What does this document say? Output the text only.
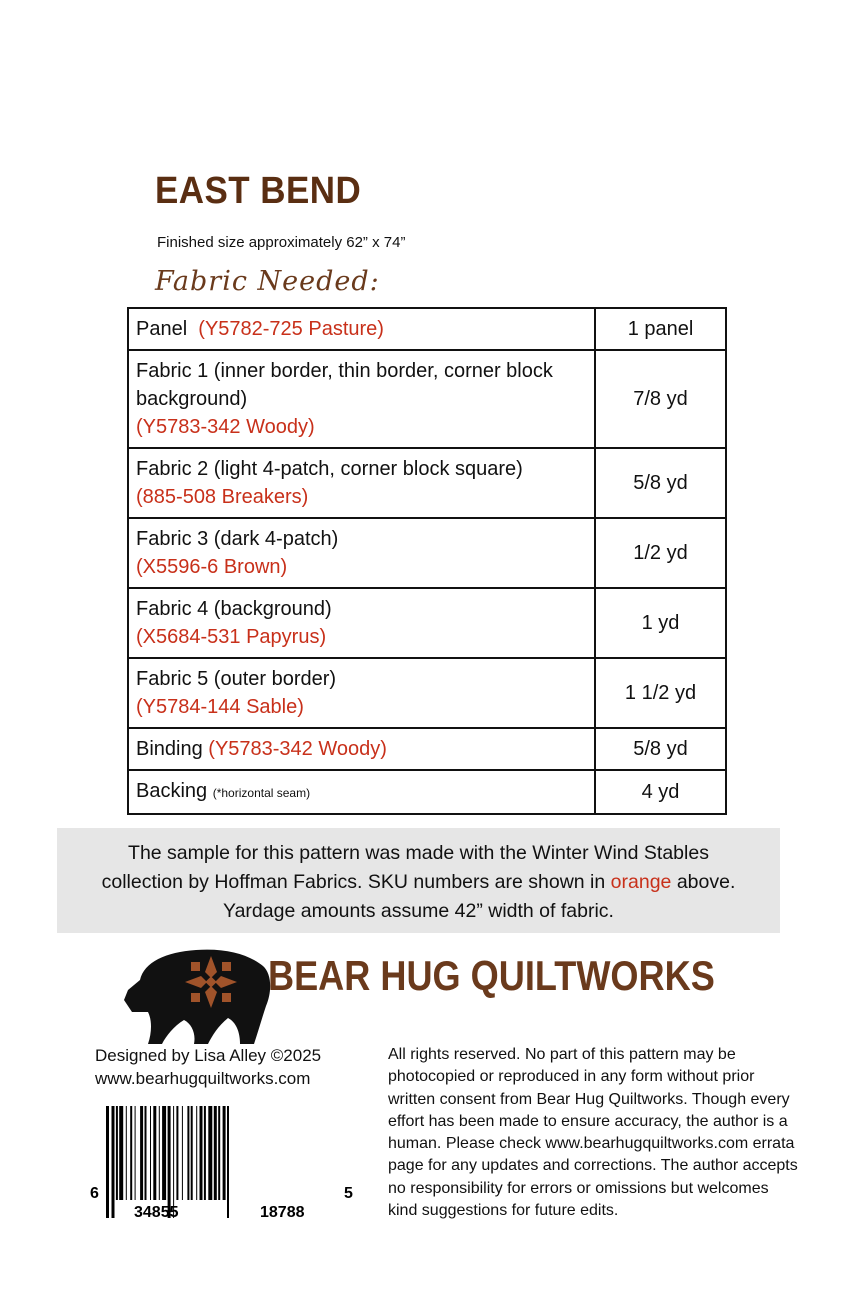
EAST BEND
Finished size approximately 62” x 74”
Fabric Needed:
Panel (Y5782-725 Pasture)	1 panel
Fabric 1 (inner border, thin border, corner block background)
(Y5783-342 Woody)	7/8 yd
Fabric 2 (light 4-patch, corner block square)
(885-508 Breakers)	5/8 yd
Fabric 3 (dark 4-patch)
(X5596-6 Brown)	1/2 yd
Fabric 4 (background)
(X5684-531 Papyrus)	1 yd
Fabric 5 (outer border)
(Y5784-144 Sable)	1 1/2 yd
Binding (Y5783-342 Woody)	5/8 yd
Backing (*horizontal seam)	4 yd
The sample for this pattern was made with the Winter Wind Stables
collection by Hoffman Fabrics. SKU numbers are shown in orange above.
Yardage amounts assume 42” width of fabric.
BEAR HUG QUILTWORKS
Designed by Lisa Alley ©2025
www.bearhugquiltworks.com
All rights reserved. No part of this pattern may be photocopied or reproduced in any form without prior written consent from Bear Hug Quiltworks. Though every effort has been made to ensure accuracy, the author is a human. Please check www.bearhugquiltworks.com errata page for any updates and corrections. The author accepts no responsibility for errors or omissions but welcomes kind suggestions for future edits.
6
34855	18788
5
